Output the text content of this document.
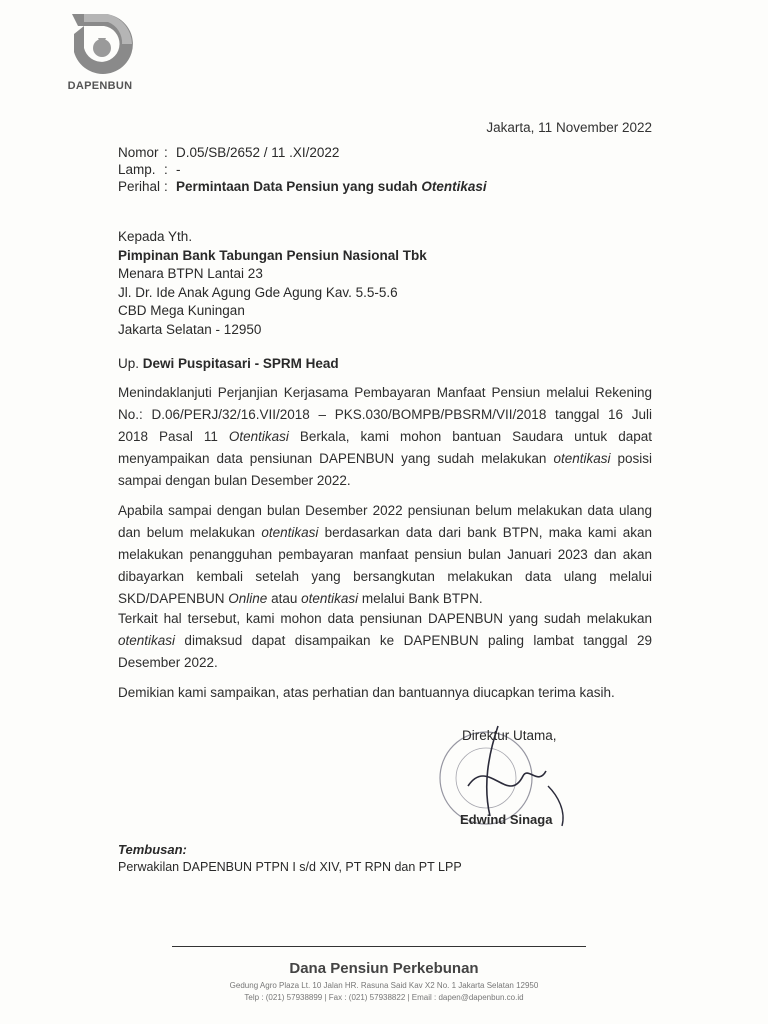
DAPENBUN
Jakarta, 11 November 2022
Nomor : D.05/SB/2652 / 11 .XI/2022
Lamp. : -
Perihal : Permintaan Data Pensiun yang sudah Otentikasi
Kepada Yth.
Pimpinan Bank Tabungan Pensiun Nasional Tbk
Menara BTPN Lantai 23
Jl. Dr. Ide Anak Agung Gde Agung Kav. 5.5-5.6
CBD Mega Kuningan
Jakarta Selatan - 12950
Up. Dewi Puspitasari - SPRM Head
Menindaklanjuti Perjanjian Kerjasama Pembayaran Manfaat Pensiun melalui Rekening No.: D.06/PERJ/32/16.VII/2018 – PKS.030/BOMPB/PBSRM/VII/2018 tanggal 16 Juli 2018 Pasal 11 Otentikasi Berkala, kami mohon bantuan Saudara untuk dapat menyampaikan data pensiunan DAPENBUN yang sudah melakukan otentikasi posisi sampai dengan bulan Desember 2022.
Apabila sampai dengan bulan Desember 2022 pensiunan belum melakukan data ulang dan belum melakukan otentikasi berdasarkan data dari bank BTPN, maka kami akan melakukan penangguhan pembayaran manfaat pensiun bulan Januari 2023 dan akan dibayarkan kembali setelah yang bersangkutan melakukan data ulang melalui SKD/DAPENBUN Online atau otentikasi melalui Bank BTPN.
Terkait hal tersebut, kami mohon data pensiunan DAPENBUN yang sudah melakukan otentikasi dimaksud dapat disampaikan ke DAPENBUN paling lambat tanggal 29 Desember 2022.
Demikian kami sampaikan, atas perhatian dan bantuannya diucapkan terima kasih.
Direktur Utama,
Edwind Sinaga
Tembusan:
Perwakilan DAPENBUN PTPN I s/d XIV, PT RPN dan PT LPP
Dana Pensiun Perkebunan
Gedung Agro Plaza Lt. 10 Jalan HR. Rasuna Said Kav X2 No. 1 Jakarta Selatan 12950
Telp : (021) 57938899 | Fax : (021) 57938822 | Email : dapen@dapenbun.co.id
